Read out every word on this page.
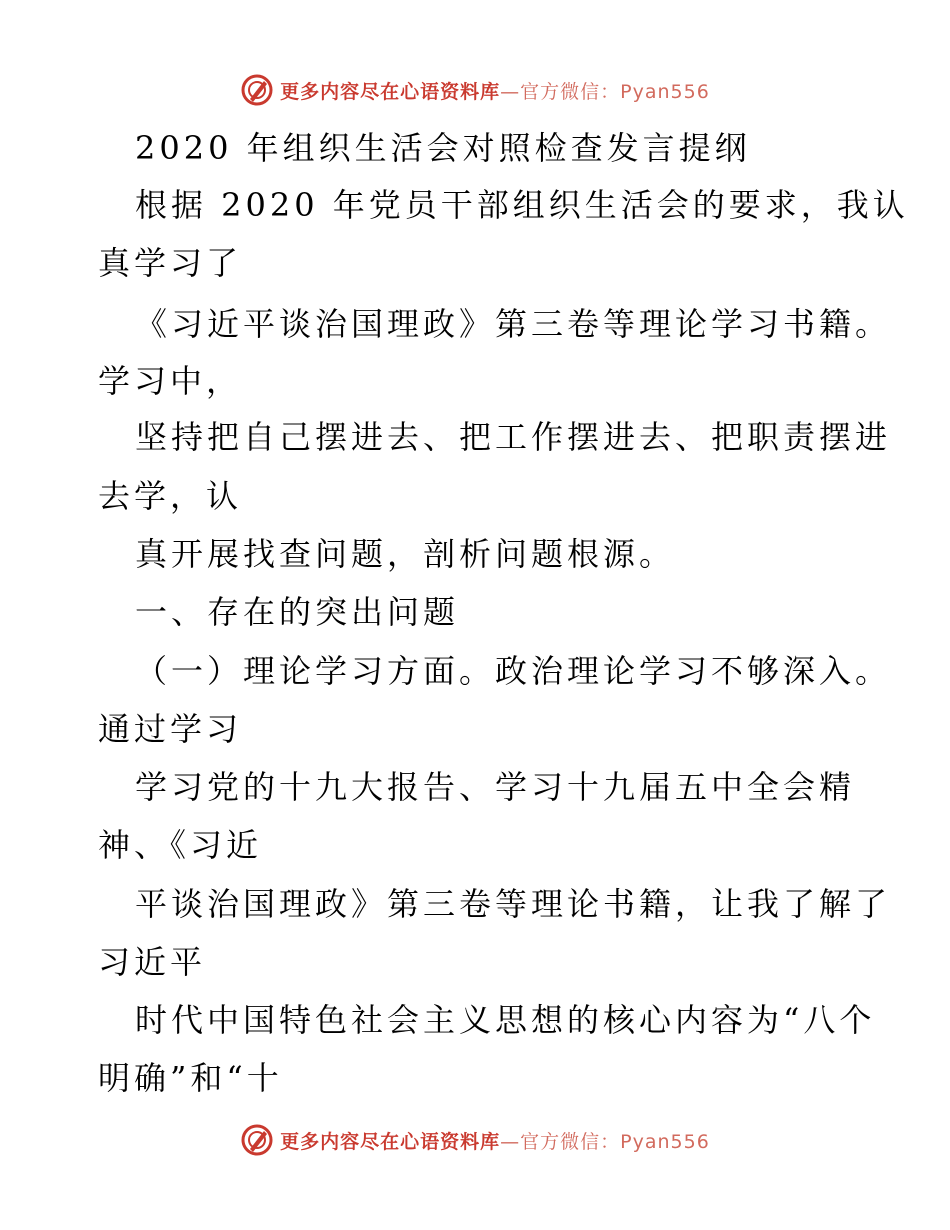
更多内容尽在心语资料库—官方微信：Pyan556
2020 年组织生活会对照检查发言提纲
根据 2020 年党员干部组织生活会的要求，我认
真学习了
《习近平谈治国理政》第三卷等理论学习书籍。
学习中，
坚持把自己摆进去、把工作摆进去、把职责摆进
去学，认
真开展找查问题，剖析问题根源。
一、存在的突出问题
（一）理论学习方面。政治理论学习不够深入。
通过学习
学习党的十九大报告、学习十九届五中全会精
神、《习近
平谈治国理政》第三卷等理论书籍，让我了解了
习近平
时代中国特色社会主义思想的核心内容为“八个
明确”和“十
更多内容尽在心语资料库—官方微信：Pyan556
